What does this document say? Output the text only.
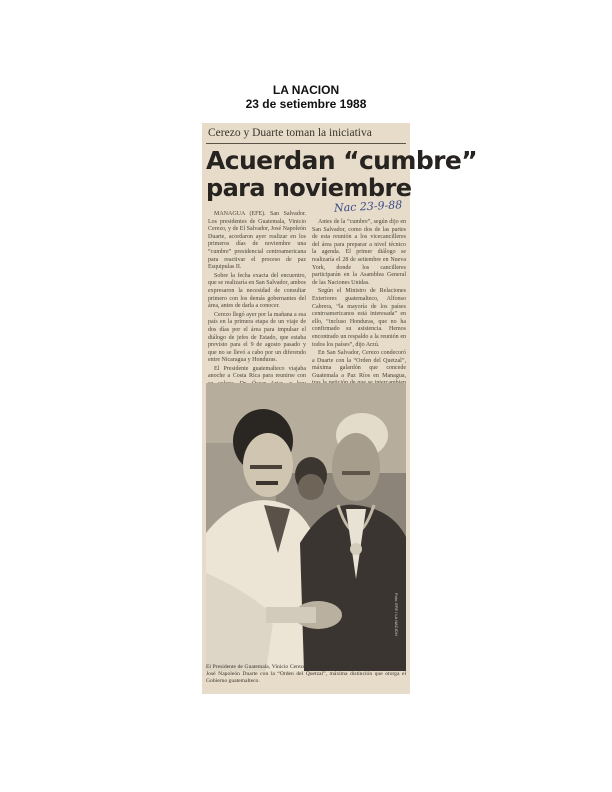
LA NACION
23 de setiembre 1988
Cerezo y Duarte toman la iniciativa
Acuerdan “cumbre”
para noviembre
Nac 23-9-88

MANAGUA (EFE). San Salvador. Los presidentes de Guatemala, Vinicio Cerezo, y de El Salvador, José Napoleón Duarte, acordaron ayer realizar en los primeros días de noviembre una “cumbre” presidencial centroamericana para reactivar el proceso de paz Esquipulas II.

Sobre la fecha exacta del encuentro, que se realizaría en San Salvador, ambos expresaron la necesidad de consultar primero con los demás gobernantes del área, antes de darla a conocer.

Cerezo llegó ayer por la mañana a esa país en la primera etapa de un viaje de dos días por el área para impulsar el diálogo de jefes de Estado, que estaba previsto para el 9 de agosto pasado y que no se llevó a cabo por un diferendo entre Nicaragua y Honduras.

El Presidente guatemalteco viajaba anoche a Costa Rica para reunirse con

Antes de la “cumbre”, según dijo en San Salvador, como dos de las partes de esta reunión a los vicecancilleres del área para preparar a nivel técnico la agenda. El primer diálogo se realizaría el 28 de setiembre en Nueva York, donde los cancilleres participarán en la Asamblea General de las Naciones Unidas.

Según el Ministro de Relaciones Exteriores guatemalteco, Alfonso Cabrera, “la mayoría de los países centroamericanos está interesada” en ello, “incluso Honduras, que no ha confirmado su asistencia. Hemos encontrado un respaldo a la reunión en todos los países”, dijo Arzú.

En San Salvador, Cerezo condecoró a Duarte con la “Orden del Quetzal”, máxima galardón que concede Guatemala a Paz Ríos en Managua,

Foto: EFE / LA NACION
El Presidente de Guatemala, Vinicio Cerezo, condecoró ayer al mandatario salvadoreño, José Napoleón Duarte con la “Orden del Quetzal”, máxima distinción que otorga el Gobierno guatemalteco.
